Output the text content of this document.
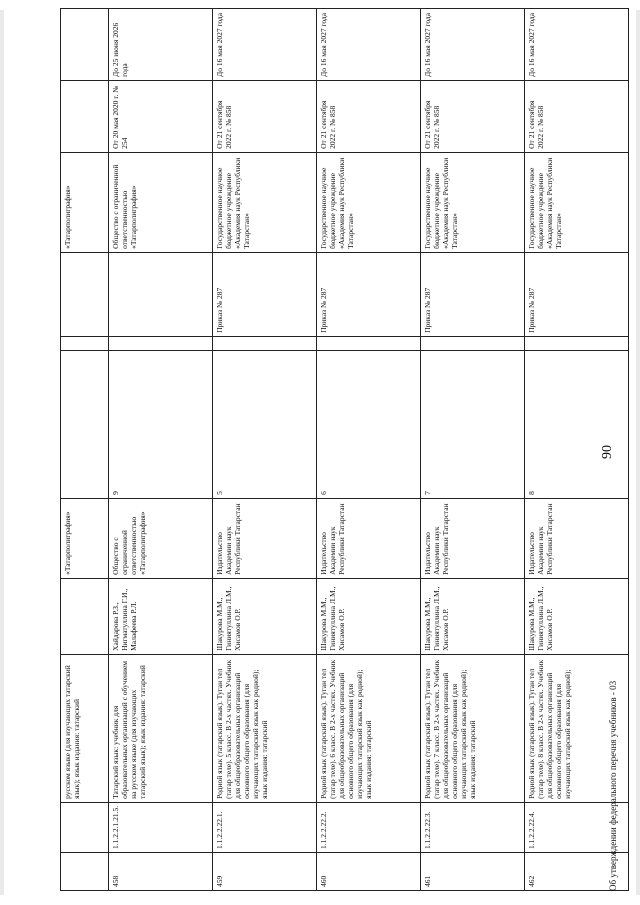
90
		русском языке (для изучающих татарский язык); язык издания: татарский		«Татарполиграфия»				«Татарполиграфия»		
458	1.1.2.2.1.21.5.	Татарский язык: учебник для образовательных организаций с обучением на русском языке (для изучающих татарский язык); язык издания: татарский	Хайдарова Р.З., Нигматуллина Г.И., Малафеева Р.Л.	Общество с ограниченной ответственностью «Татарполиграфия»	9			Общество с ограниченной ответственностью «Татарполиграфия»	От 20 мая 2020 г. № 254	До 25 июня 2026 года
459	1.1.2.2.22.1.	Родной язык (татарский язык). Туган тел (татар теле). 5 класс. В 2-х частях. Учебник для общеобразовательных организаций основного общего образования (для изучающих татарский язык как родной); язык издания: татарский	Шакурова М.М., Гиниятуллина Л.М., Хисамов О.Р.	Издательство Академии наук Республики Татарстан	5		Приказ № 287	Государственное научное бюджетное учреждение «Академия наук Республики Татарстан»	От 21 сентября 2022 г. № 858	До 16 мая 2027 года
460	1.1.2.2.22.2.	Родной язык (татарский язык). Туган тел (татар теле). 6 класс. В 2-х частях. Учебник для общеобразовательных организаций основного общего образования (для изучающих татарский язык как родной); язык издания: татарский	Шакурова М.М., Гиниятуллина Л.М., Хисамов О.Р.	Издательство Академии наук Республики Татарстан	6		Приказ № 287	Государственное научное бюджетное учреждение «Академия наук Республики Татарстан»	От 21 сентября 2022 г. № 858	До 16 мая 2027 года
461	1.1.2.2.22.3.	Родной язык (татарский язык). Туган тел (татар теле). 7 класс. В 2-х частях. Учебник для общеобразовательных организаций основного общего образования (для изучающих татарский язык как родной); язык издания: татарский	Шакурова М.М., Гиниятуллина Л.М., Хисамов О.Р.	Издательство Академии наук Республики Татарстан	7		Приказ № 287	Государственное научное бюджетное учреждение «Академия наук Республики Татарстан»	От 21 сентября 2022 г. № 858	До 16 мая 2027 года
462	1.1.2.2.22.4.	Родной язык (татарский язык). Туган тел (татар теле). 8 класс. В 2-х частях. Учебник для общеобразовательных организаций основного общего образования (для изучающих татарский язык как родной);	Шакурова М.М., Гиниятуллина Л.М., Хисамов О.Р.	Издательство Академии наук Республики Татарстан	8		Приказ № 287	Государственное научное бюджетное учреждение «Академия наук Республики Татарстан»	От 21 сентября 2022 г. № 858	До 16 мая 2027 года
Об утверждении федерального перечня учебников - 03
